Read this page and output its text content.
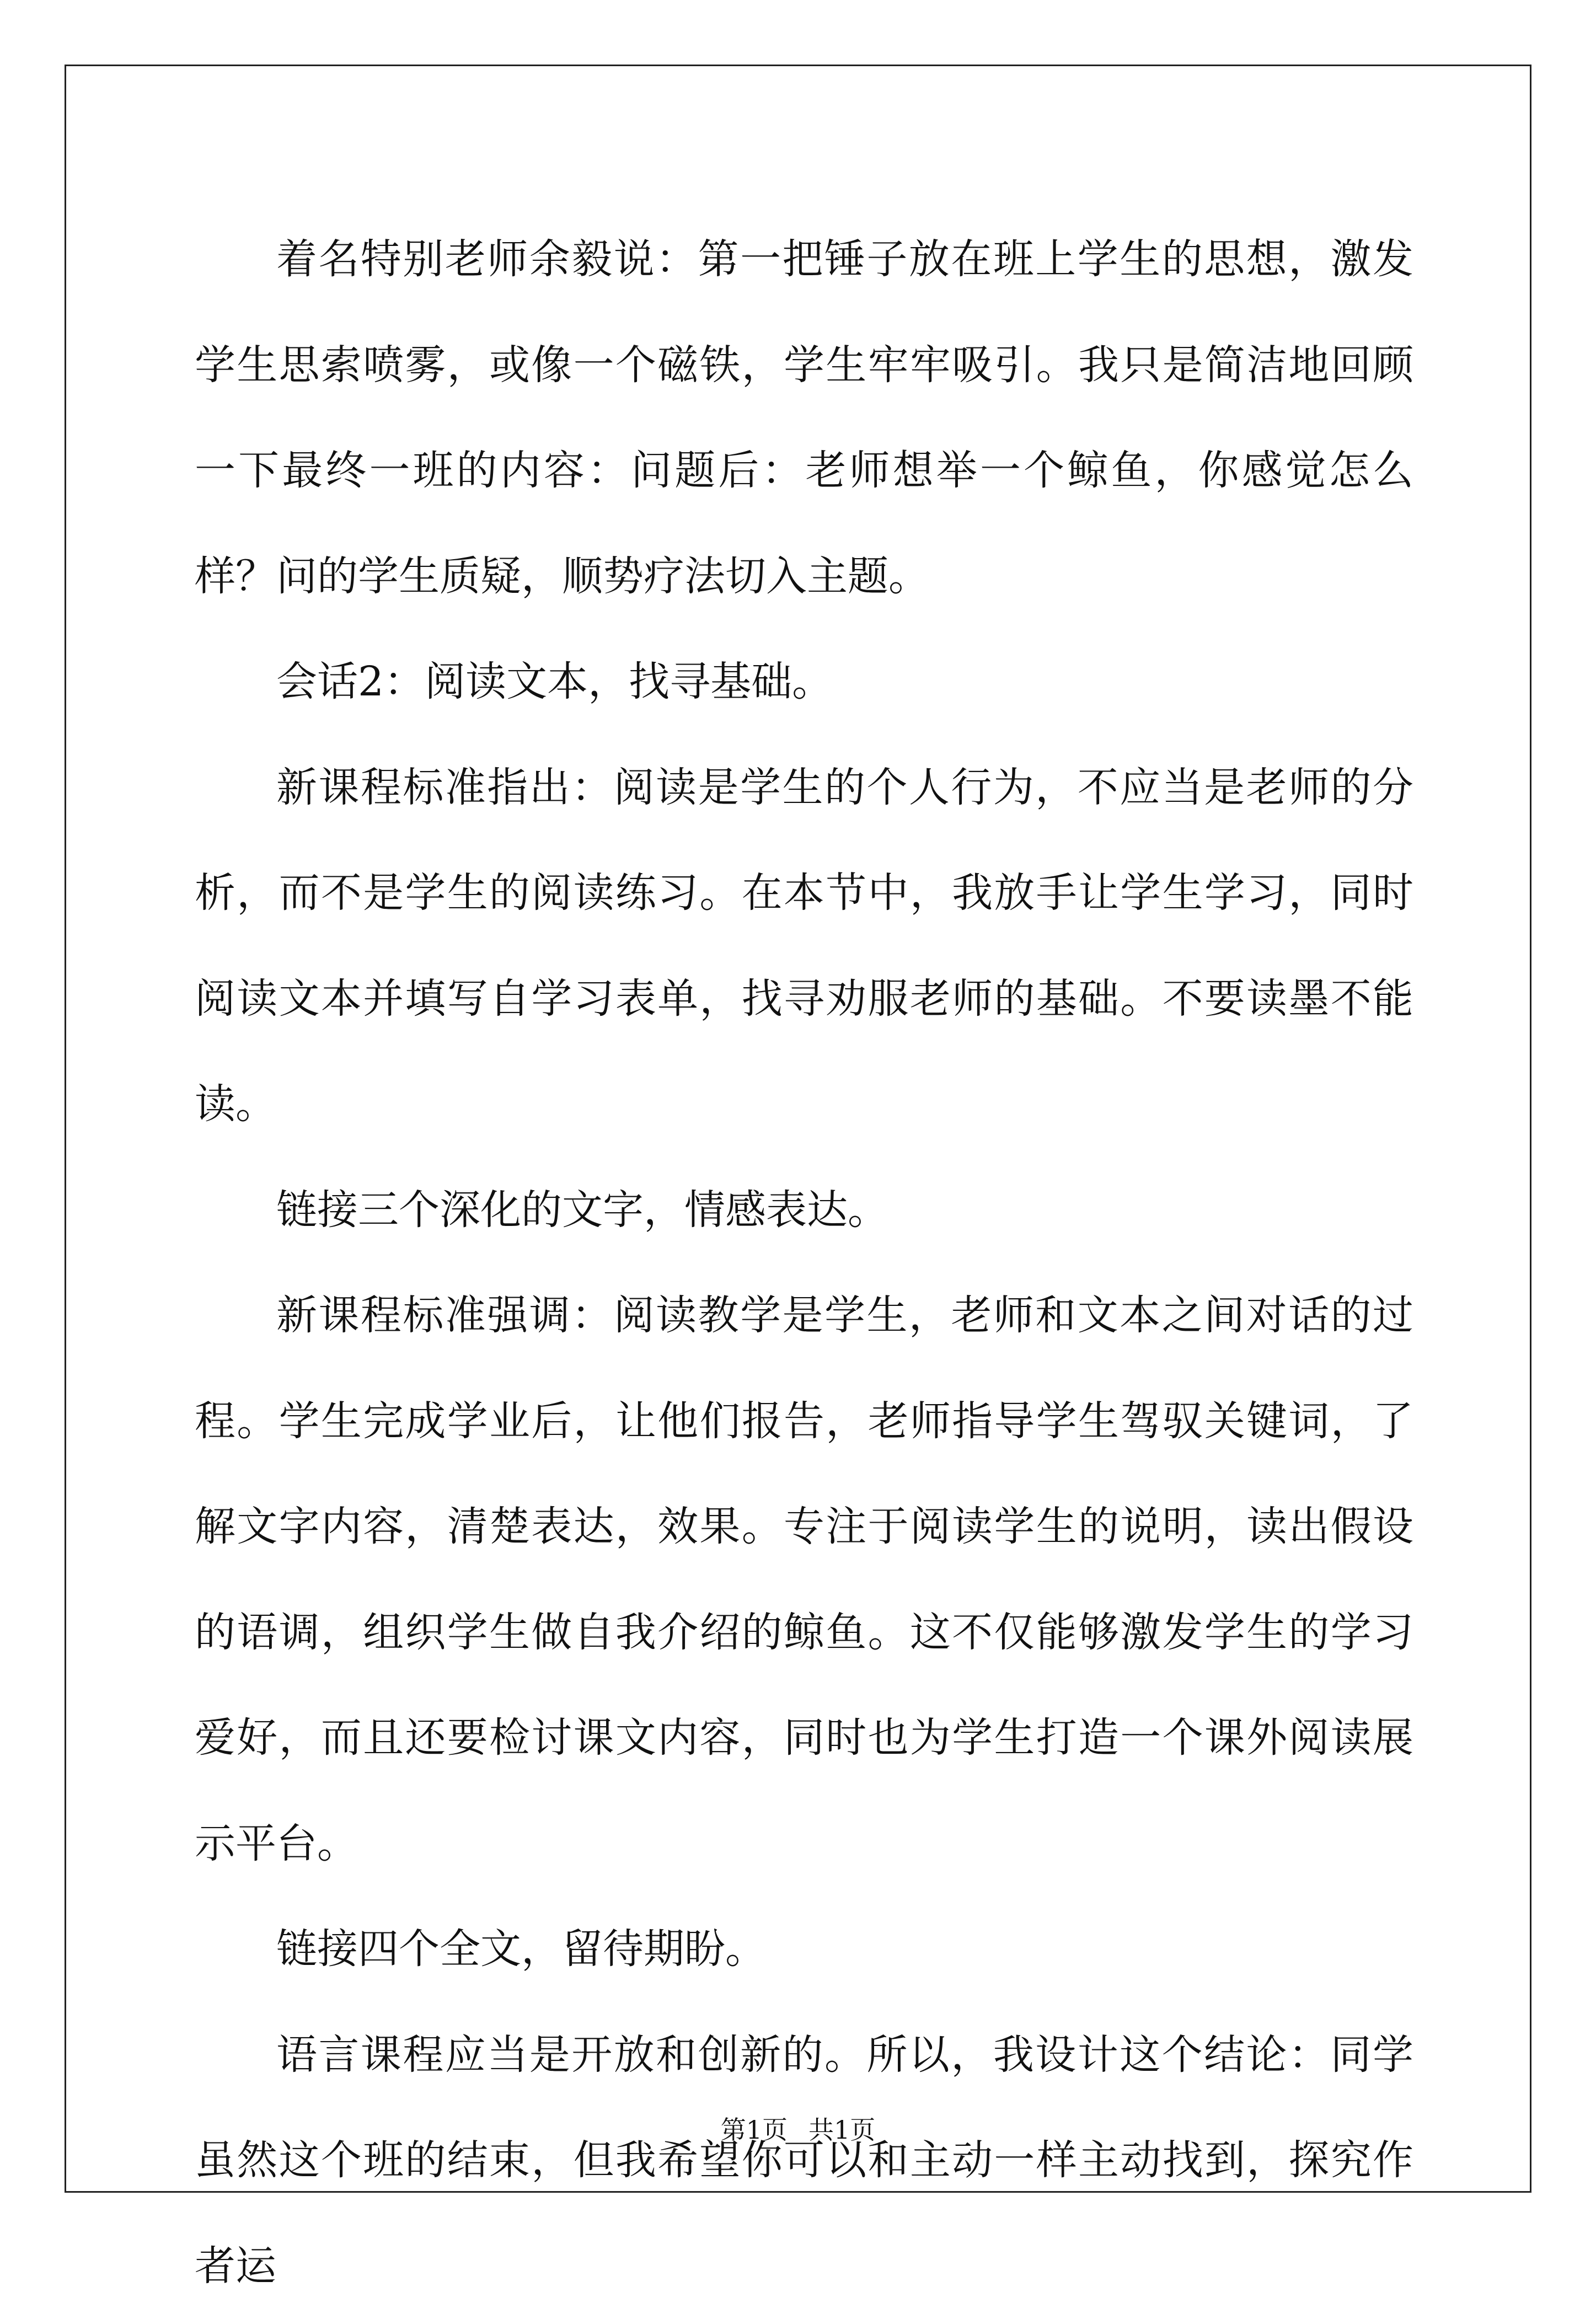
着名特别老师余毅说：第一把锤子放在班上学生的思想，激发学生思索喷雾，或像一个磁铁，学生牢牢吸引。我只是简洁地回顾一下最终一班的内容：问题后：老师想举一个鲸鱼，你感觉怎么样？问的学生质疑，顺势疗法切入主题。

会话2：阅读文本，找寻基础。

新课程标准指出：阅读是学生的个人行为，不应当是老师的分析，而不是学生的阅读练习。在本节中，我放手让学生学习，同时阅读文本并填写自学习表单，找寻劝服老师的基础。不要读墨不能读。

链接三个深化的文字，情感表达。

新课程标准强调：阅读教学是学生，老师和文本之间对话的过程。学生完成学业后，让他们报告，老师指导学生驾驭关键词，了解文字内容，清楚表达，效果。专注于阅读学生的说明，读出假设的语调，组织学生做自我介绍的鲸鱼。这不仅能够激发学生的学习爱好，而且还要检讨课文内容，同时也为学生打造一个课外阅读展示平台。

链接四个全文，留待期盼。

语言课程应当是开放和创新的。所以，我设计这个结论：同学虽然这个班的结束，但我希望你可以和主动一样主动找到，探究作者运

第1页 共1页
